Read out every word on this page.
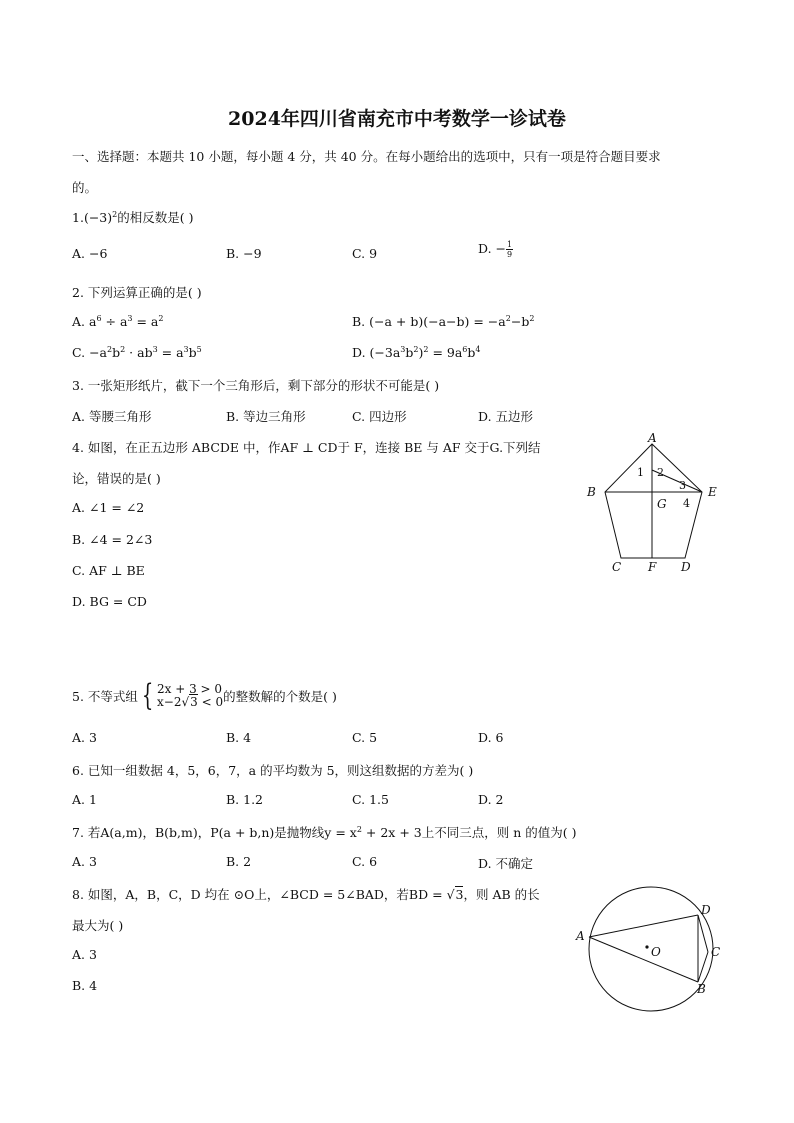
2024年四川省南充市中考数学一诊试卷
一、选择题：本题共 10 小题，每小题 4 分，共 40 分。在每小题给出的选项中，只有一项是符合题目要求
的。
$1.(-3)^2$的相反数是( )
A. −6	B. −9	C. 9	D. − $\frac{1}{9}$
2. 下列运算正确的是( )
A. $a^6 \div a^3 = a^2$	B. $(-a + b)(-a-b) = -a^2-b^2$
C. $-a^2b^2 \cdot ab^3 = a^3b^5$	D. $(-3a^3b^2)^2 = 9a^6b^4$
3. 一张矩形纸片，截下一个三角形后，剩下部分的形状不可能是( )
A. 等腰三角形	B. 等边三角形	C. 四边形	D. 五边形
4. 如图，在正五边形 ABCDE 中，作AF ⊥ CD于 F，连接 BE 与 AF 交于G.下列结
论，错误的是( )
A. ∠1 = ∠2
B. ∠4 = 2∠3
C. AF ⊥ BE
D. BG = CD
A
B
C	D
E
F
G
1 2
3
4
5. 不等式组 { 2x + 3 > 0
x−2√3 < 0 的整数解的个数是( )
A. 3	B. 4	C. 5	D. 6
6. 已知一组数据 4，5，6，7，a 的平均数为 5，则这组数据的方差为( )
A. 1	B. 1.2	C. 1.5	D. 2
7. 若A(a,m)，B(b,m)，P(a + b,n)是抛物线$y = x^2 + 2x + 3$上不同三点，则 n 的值为( )
A. 3	B. 2	C. 6	D. 不确定
8. 如图，A，B，C，D 均在 ⊙O上，∠BCD = 5∠BAD，若BD = √3，则 AB 的长
最大为( )
A. 3
B. 4
A
B
C
D
O
